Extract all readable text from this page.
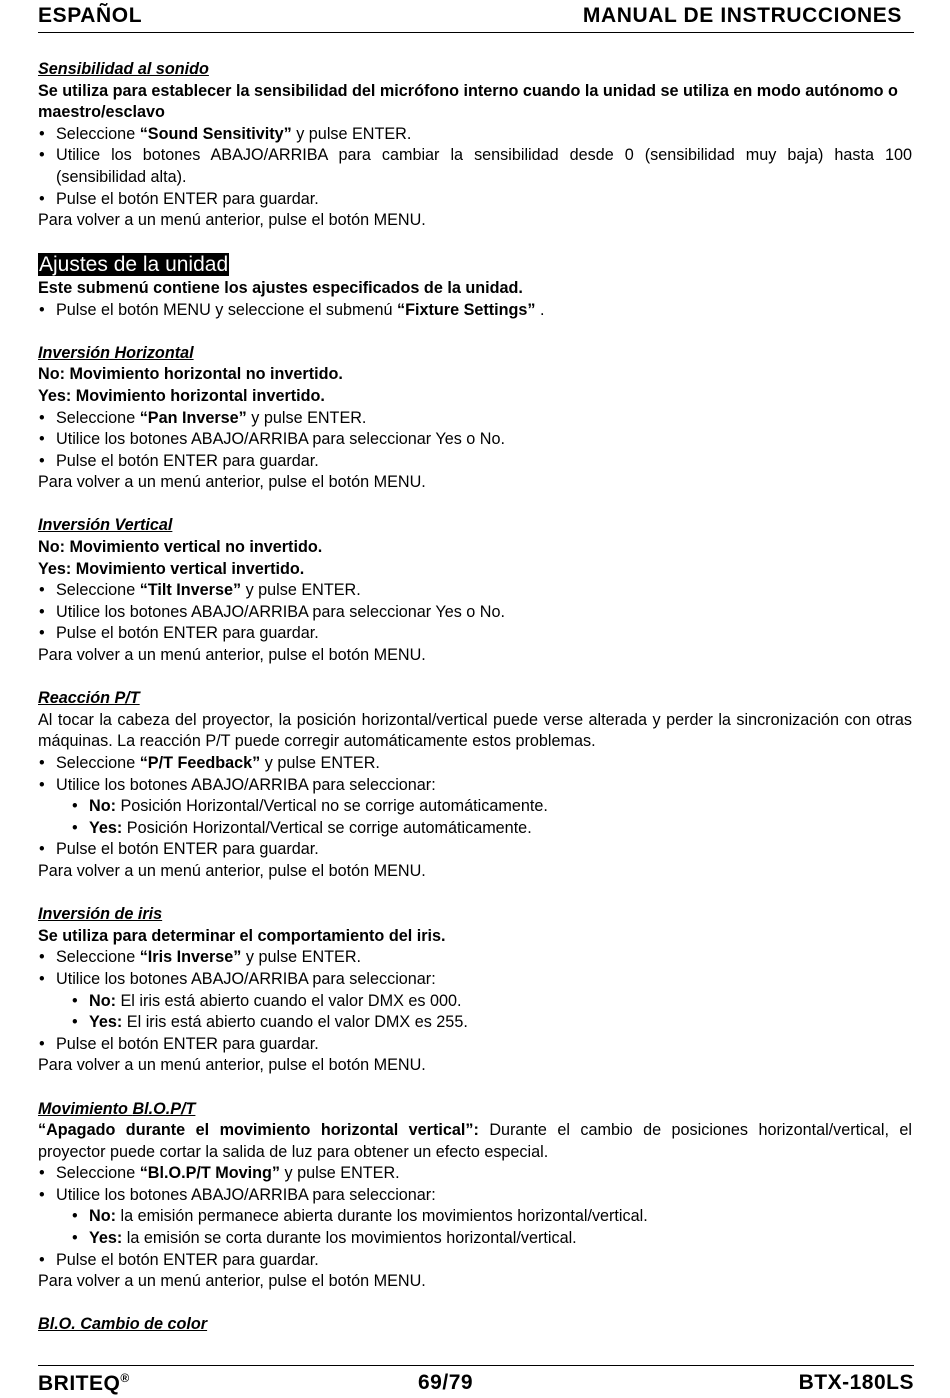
ESPAÑOL	MANUAL DE INSTRUCCIONES
Sensibilidad al sonido
Se utiliza para establecer la sensibilidad del micrófono interno cuando la unidad se utiliza en modo autónomo o maestro/esclavo
• Seleccione “Sound Sensitivity” y pulse ENTER.
• Utilice los botones ABAJO/ARRIBA para cambiar la sensibilidad desde 0 (sensibilidad muy baja) hasta 100 (sensibilidad alta).
• Pulse el botón ENTER para guardar.
Para volver a un menú anterior, pulse el botón MENU.
Ajustes de la unidad
Este submenú contiene los ajustes especificados de la unidad.
• Pulse el botón MENU y seleccione el submenú “Fixture Settings” .
Inversión Horizontal
No: Movimiento horizontal no invertido.
Yes: Movimiento horizontal invertido.
• Seleccione “Pan Inverse” y pulse ENTER.
• Utilice los botones ABAJO/ARRIBA para seleccionar Yes o No.
• Pulse el botón ENTER para guardar.
Para volver a un menú anterior, pulse el botón MENU.
Inversión Vertical
No: Movimiento vertical no invertido.
Yes: Movimiento vertical invertido.
• Seleccione “Tilt Inverse” y pulse ENTER.
• Utilice los botones ABAJO/ARRIBA para seleccionar Yes o No.
• Pulse el botón ENTER para guardar.
Para volver a un menú anterior, pulse el botón MENU.
Reacción P/T
Al tocar la cabeza del proyector, la posición horizontal/vertical puede verse alterada y perder la sincronización con otras máquinas. La reacción P/T puede corregir automáticamente estos problemas.
• Seleccione “P/T Feedback” y pulse ENTER.
• Utilice los botones ABAJO/ARRIBA para seleccionar:
• No: Posición Horizontal/Vertical no se corrige automáticamente.
• Yes: Posición Horizontal/Vertical se corrige automáticamente.
• Pulse el botón ENTER para guardar.
Para volver a un menú anterior, pulse el botón MENU.
Inversión de iris
Se utiliza para determinar el comportamiento del iris.
• Seleccione “Iris Inverse” y pulse ENTER.
• Utilice los botones ABAJO/ARRIBA para seleccionar:
• No: El iris está abierto cuando el valor DMX es 000.
• Yes: El iris está abierto cuando el valor DMX es 255.
• Pulse el botón ENTER para guardar.
Para volver a un menú anterior, pulse el botón MENU.
Movimiento Bl.O.P/T
“Apagado durante el movimiento horizontal vertical”: Durante el cambio de posiciones horizontal/vertical, el proyector puede cortar la salida de luz para obtener un efecto especial.
• Seleccione “Bl.O.P/T Moving” y pulse ENTER.
• Utilice los botones ABAJO/ARRIBA para seleccionar:
• No: la emisión permanece abierta durante los movimientos horizontal/vertical.
• Yes: la emisión se corta durante los movimientos horizontal/vertical.
• Pulse el botón ENTER para guardar.
Para volver a un menú anterior, pulse el botón MENU.
Bl.O. Cambio de color
BRITEQ®	69/79	BTX-180LS
